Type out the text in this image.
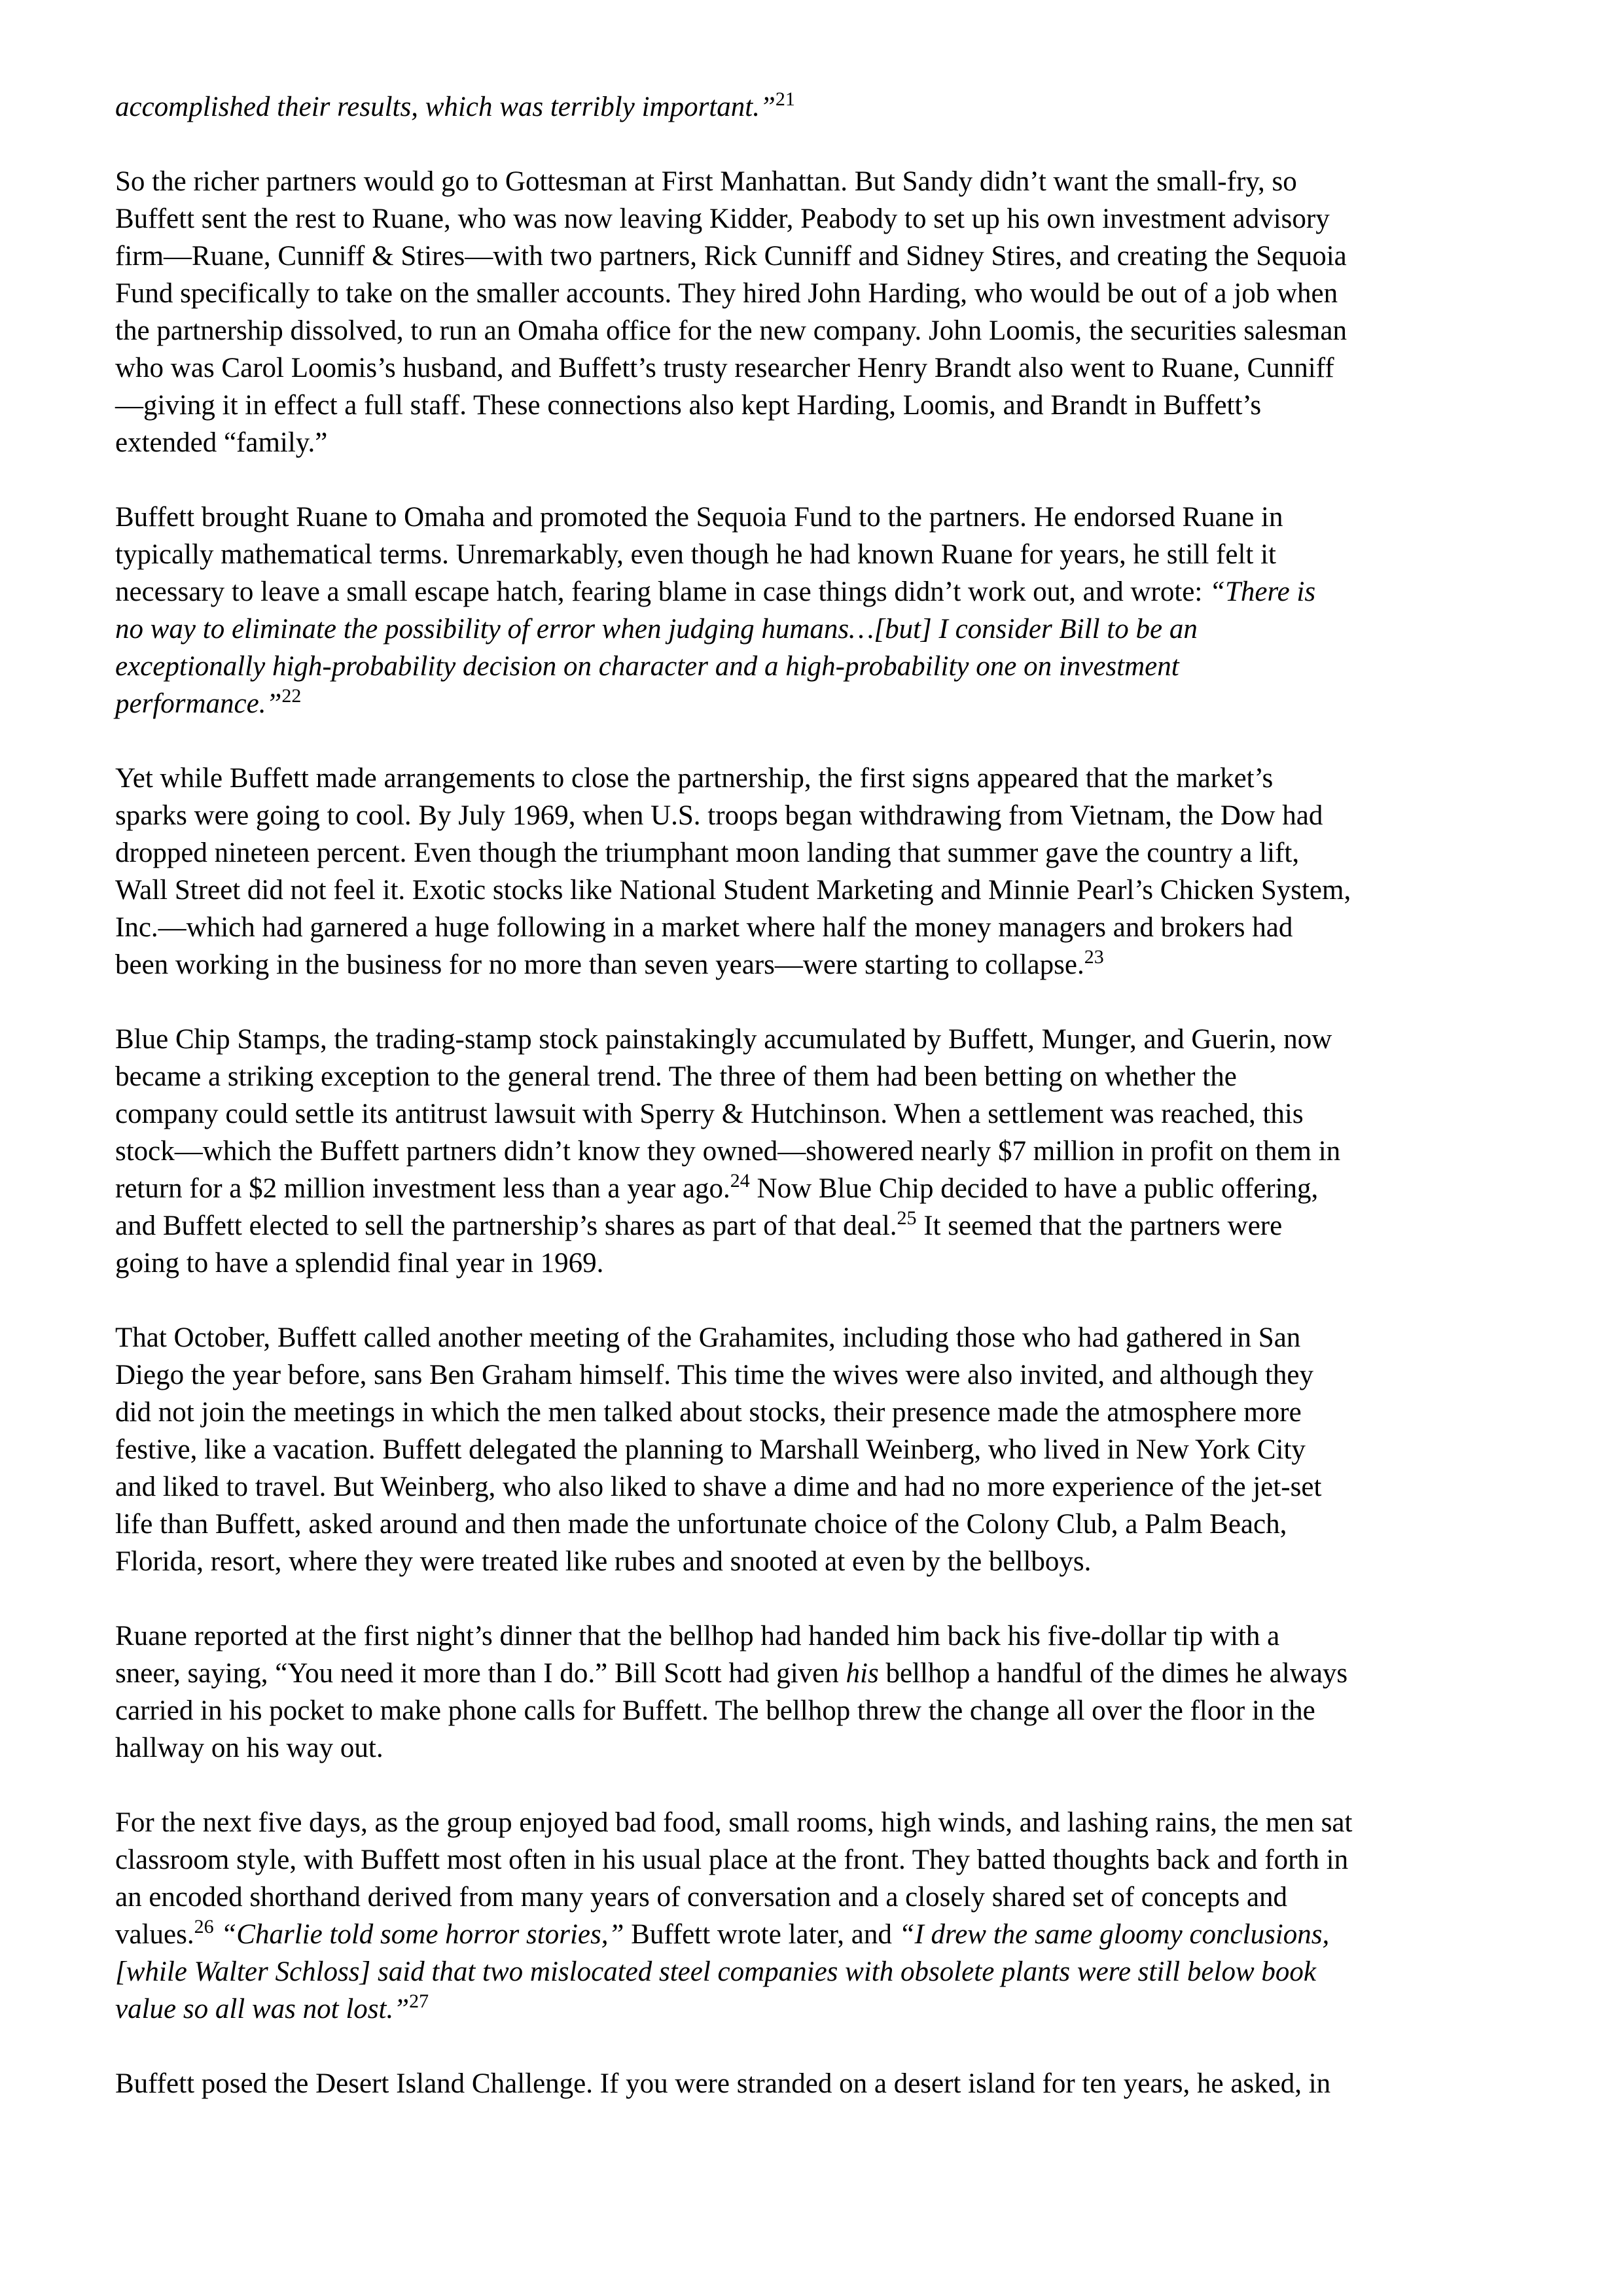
accomplished their results, which was terribly important.”$^{21}$

So the richer partners would go to Gottesman at First Manhattan. But Sandy didn’t want the small-fry, so
Buffett sent the rest to Ruane, who was now leaving Kidder, Peabody to set up his own investment advisory
firm—Ruane, Cunniff & Stires—with two partners, Rick Cunniff and Sidney Stires, and creating the Sequoia
Fund specifically to take on the smaller accounts. They hired John Harding, who would be out of a job when
the partnership dissolved, to run an Omaha office for the new company. John Loomis, the securities salesman
who was Carol Loomis’s husband, and Buffett’s trusty researcher Henry Brandt also went to Ruane, Cunniff
—giving it in effect a full staff. These connections also kept Harding, Loomis, and Brandt in Buffett’s
extended “family.”

Buffett brought Ruane to Omaha and promoted the Sequoia Fund to the partners. He endorsed Ruane in
typically mathematical terms. Unremarkably, even though he had known Ruane for years, he still felt it
necessary to leave a small escape hatch, fearing blame in case things didn’t work out, and wrote: “There is
no way to eliminate the possibility of error when judging humans…[but] I consider Bill to be an
exceptionally high-probability decision on character and a high-probability one on investment
performance.”$^{22}$

Yet while Buffett made arrangements to close the partnership, the first signs appeared that the market’s
sparks were going to cool. By July 1969, when U.S. troops began withdrawing from Vietnam, the Dow had
dropped nineteen percent. Even though the triumphant moon landing that summer gave the country a lift,
Wall Street did not feel it. Exotic stocks like National Student Marketing and Minnie Pearl’s Chicken System,
Inc.—which had garnered a huge following in a market where half the money managers and brokers had
been working in the business for no more than seven years—were starting to collapse.$^{23}$

Blue Chip Stamps, the trading-stamp stock painstakingly accumulated by Buffett, Munger, and Guerin, now
became a striking exception to the general trend. The three of them had been betting on whether the
company could settle its antitrust lawsuit with Sperry & Hutchinson. When a settlement was reached, this
stock—which the Buffett partners didn’t know they owned—showered nearly $7 million in profit on them in
return for a $2 million investment less than a year ago.$^{24}$ Now Blue Chip decided to have a public offering,
and Buffett elected to sell the partnership’s shares as part of that deal.$^{25}$ It seemed that the partners were
going to have a splendid final year in 1969.

That October, Buffett called another meeting of the Grahamites, including those who had gathered in San
Diego the year before, sans Ben Graham himself. This time the wives were also invited, and although they
did not join the meetings in which the men talked about stocks, their presence made the atmosphere more
festive, like a vacation. Buffett delegated the planning to Marshall Weinberg, who lived in New York City
and liked to travel. But Weinberg, who also liked to shave a dime and had no more experience of the jet-set
life than Buffett, asked around and then made the unfortunate choice of the Colony Club, a Palm Beach,
Florida, resort, where they were treated like rubes and snooted at even by the bellboys.

Ruane reported at the first night’s dinner that the bellhop had handed him back his five-dollar tip with a
sneer, saying, “You need it more than I do.” Bill Scott had given his bellhop a handful of the dimes he always
carried in his pocket to make phone calls for Buffett. The bellhop threw the change all over the floor in the
hallway on his way out.

For the next five days, as the group enjoyed bad food, small rooms, high winds, and lashing rains, the men sat
classroom style, with Buffett most often in his usual place at the front. They batted thoughts back and forth in
an encoded shorthand derived from many years of conversation and a closely shared set of concepts and
values.$^{26}$ “Charlie told some horror stories,” Buffett wrote later, and “I drew the same gloomy conclusions,
[while Walter Schloss] said that two mislocated steel companies with obsolete plants were still below book
value so all was not lost.”$^{27}$

Buffett posed the Desert Island Challenge. If you were stranded on a desert island for ten years, he asked, in
